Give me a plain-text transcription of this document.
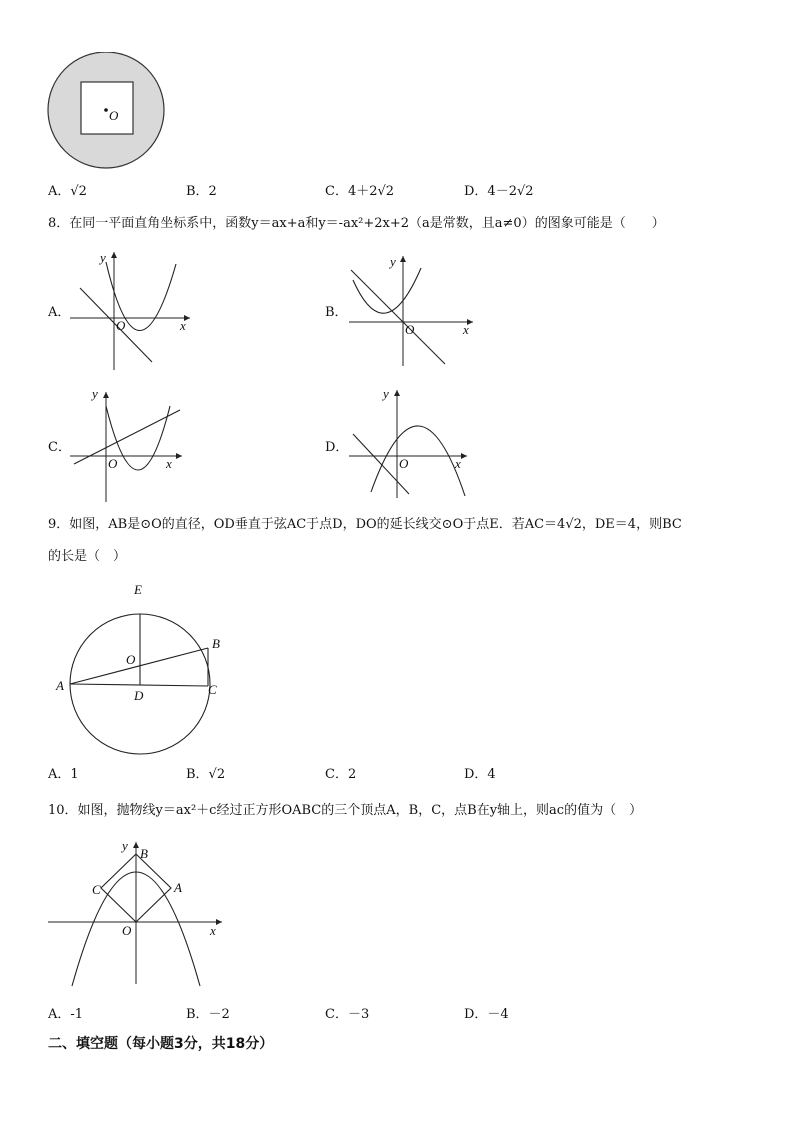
O
A．√2	B．2	C．4＋2√2	D．4－2√2
8．在同一平面直角坐标系中，函数y＝ax+a和y＝-ax²+2x+2（a是常数，且a≠0）的图象可能是（　　）
A．
y
x
O
B．
y
x
O
C．
y
x
O
D．
y
x
O
9．如图，AB是⊙O的直径，OD垂直于弦AC于点D，DO的延长线交⊙O于点E．若AC＝4√2，DE＝4，则BC
的长是（　）
E
B
O
A
D	C
A．1	B．√2	C．2	D．4
10．如图，抛物线y＝ax²＋c经过正方形OABC的三个顶点A，B，C，点B在y轴上，则ac的值为（　）
y
B
C	A
O	x
A．-1	B．－2	C．－3	D．－4
二、填空题（每小题3分，共18分）
